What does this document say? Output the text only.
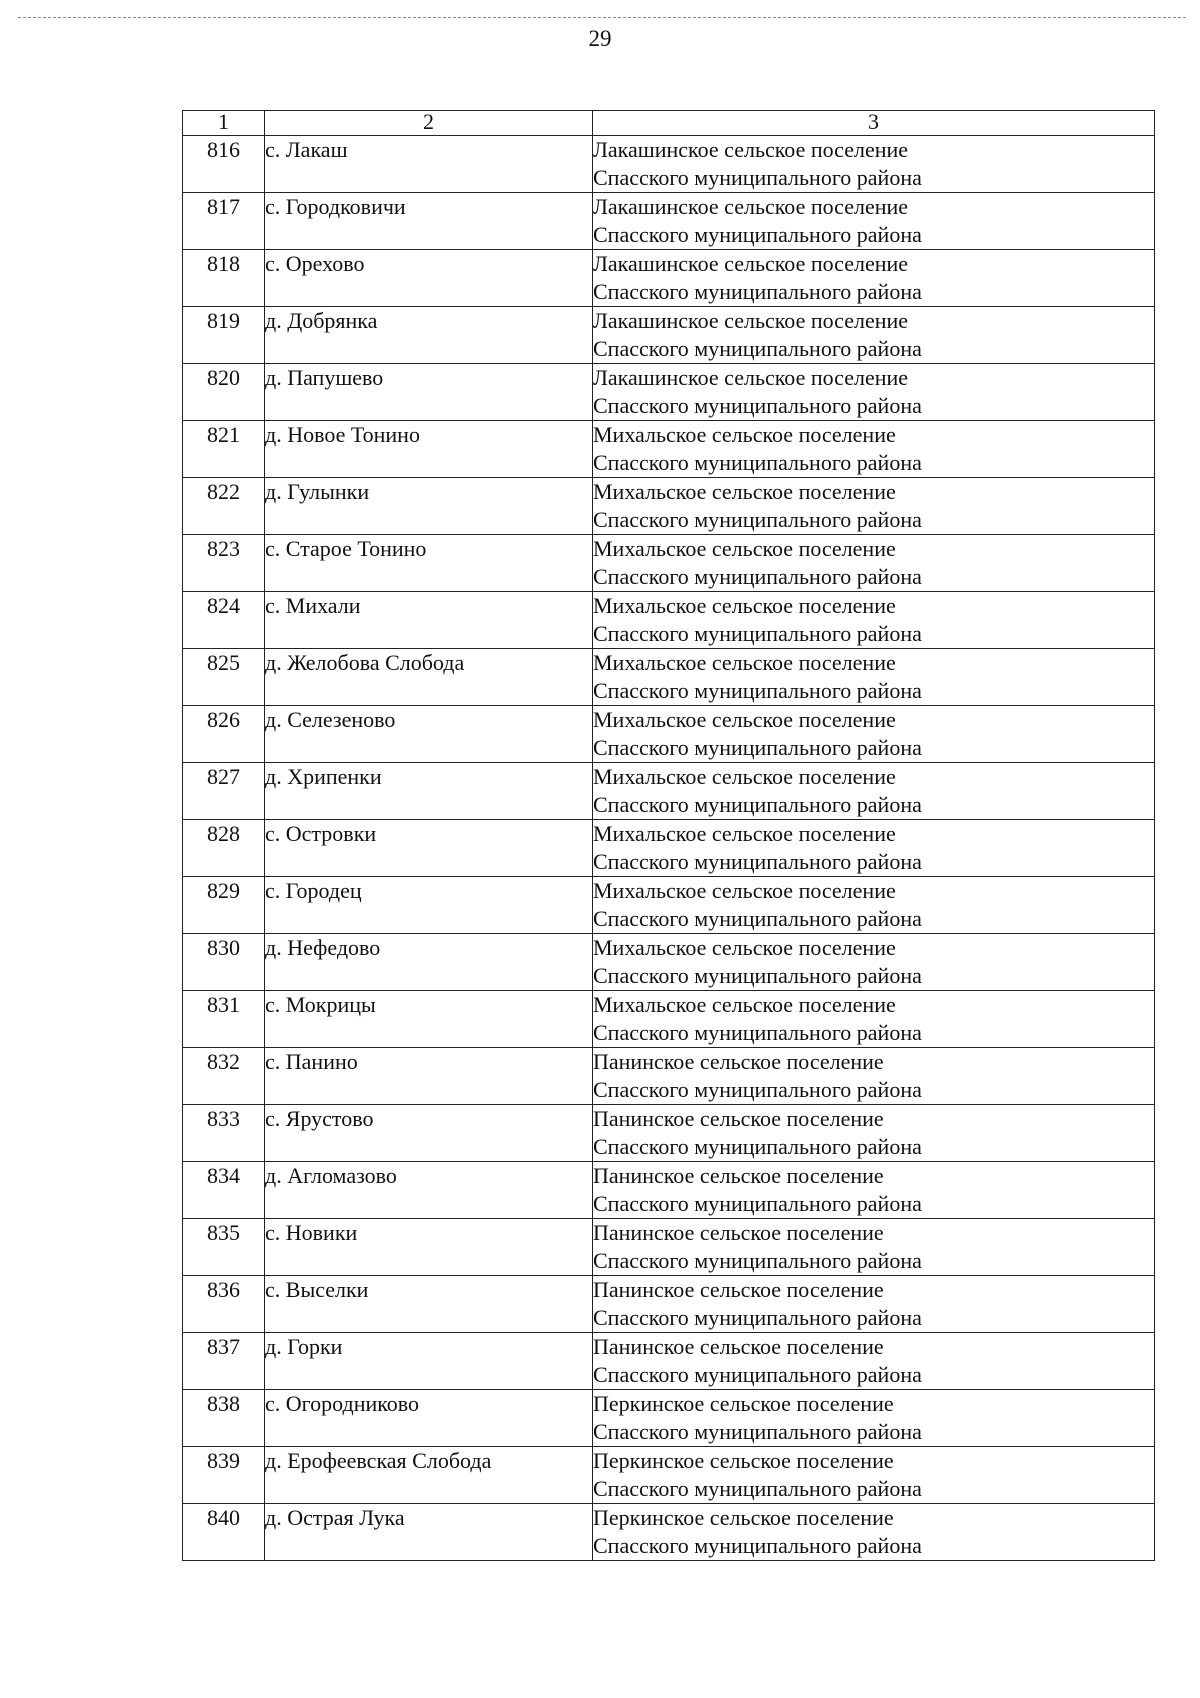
29
1	2	3
816	с. Лакаш	Лакашинское сельское поселение
Спасского муниципального района

817	с. Городковичи	Лакашинское сельское поселение
Спасского муниципального района

818	с. Орехово	Лакашинское сельское поселение
Спасского муниципального района

819	д. Добрянка	Лакашинское сельское поселение
Спасского муниципального района

820	д. Папушево	Лакашинское сельское поселение
Спасского муниципального района

821	д. Новое Тонино	Михальское сельское поселение
Спасского муниципального района

822	д. Гулынки	Михальское сельское поселение
Спасского муниципального района

823	с. Старое Тонино	Михальское сельское поселение
Спасского муниципального района

824	с. Михали	Михальское сельское поселение
Спасского муниципального района

825	д. Желобова Слобода	Михальское сельское поселение
Спасского муниципального района

826	д. Селезеново	Михальское сельское поселение
Спасского муниципального района

827	д. Хрипенки	Михальское сельское поселение
Спасского муниципального района

828	с. Островки	Михальское сельское поселение
Спасского муниципального района

829	с. Городец	Михальское сельское поселение
Спасского муниципального района

830	д. Нефедово	Михальское сельское поселение
Спасского муниципального района

831	с. Мокрицы	Михальское сельское поселение
Спасского муниципального района

832	с. Панино	Панинское сельское поселение
Спасского муниципального района

833	с. Ярустово	Панинское сельское поселение
Спасского муниципального района

834	д. Агломазово	Панинское сельское поселение
Спасского муниципального района

835	с. Новики	Панинское сельское поселение
Спасского муниципального района

836	с. Выселки	Панинское сельское поселение
Спасского муниципального района

837	д. Горки	Панинское сельское поселение
Спасского муниципального района

838	с. Огородниково	Перкинское сельское поселение
Спасского муниципального района

839	д. Ерофеевская Слобода	Перкинское сельское поселение
Спасского муниципального района

840	д. Острая Лука	Перкинское сельское поселение
Спасского муниципального района
